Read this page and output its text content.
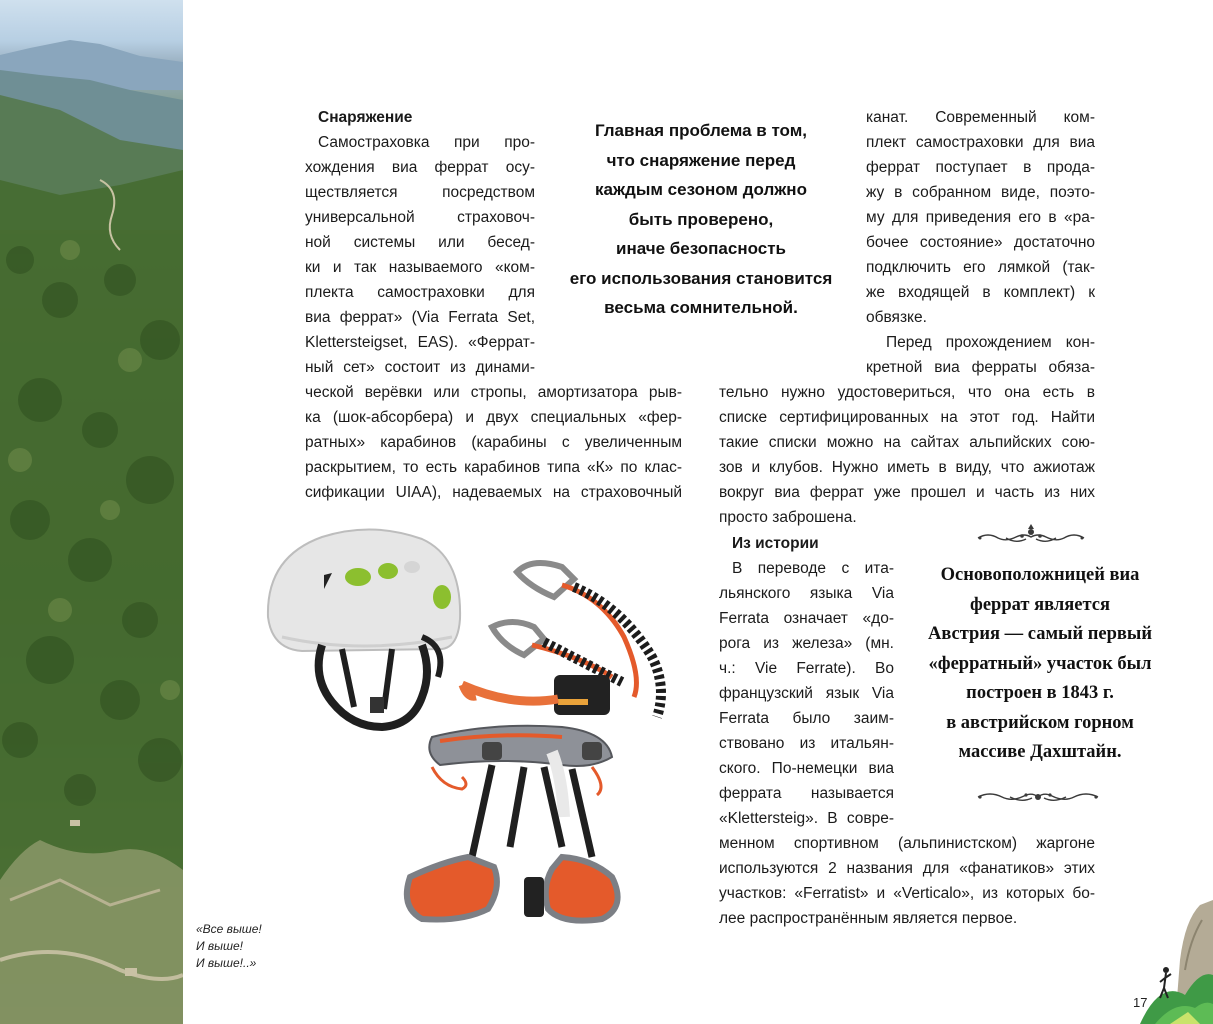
«Все выше!
И выше!
И выше!..»
Снаряжение
Самостраховка при про-
хождения виа феррат осу-
ществляется посредством
универсальной страховоч-
ной системы или бесед-
ки и так называемого «ком-
плекта самостраховки для
виа феррат» (Via Ferrata Set,
Klettersteigset, EAS). «Феррат-
ный сет» состоит из динами-
ческой верёвки или стропы, амортизатора рыв-
ка (шок-абсорбера) и двух специальных «фер-
ратных» карабинов (карабины с увеличенным
раскрытием, то есть карабинов типа «К» по клас-
сификации UIAA), надеваемых на страховочный
Главная проблема в том,
что снаряжение перед
каждым сезоном должно
быть проверено,
иначе безопасность
его использования становится
весьма сомнительной.
канат. Современный ком-
плект самостраховки для виа
феррат поступает в прода-
жу в собранном виде, поэто-
му для приведения его в «ра-
бочее состояние» достаточно
подключить его лямкой (так-
же входящей в комплект) к
обвязке.
Перед прохождением кон-
кретной виа ферраты обяза-
тельно нужно удостовериться, что она есть в
списке сертифицированных на этот год. Найти
такие списки можно на сайтах альпийских сою-
зов и клубов. Нужно иметь в виду, что ажиотаж
вокруг виа феррат уже прошел и часть из них
просто заброшена.
Из истории
В переводе с ита-
льянского языка Via
Ferrata означает «до-
рога из железа» (мн.
ч.: Vie Ferrate). Во
французский язык Via
Ferrata было заим-
ствовано из итальян-
ского. По-немецки виа
феррата называется
«Klettersteig». В совре-
менном спортивном (альпинистском) жаргоне
используются 2 названия для «фанатиков» этих
участков: «Ferratist» и «Verticalo», из которых бо-
лее распространённым является первое.
Основоположницей виа
феррат является
Австрия — самый первый
«ферратный» участок был
построен в 1843 г.
в австрийском горном
массиве Дахштайн.
17
